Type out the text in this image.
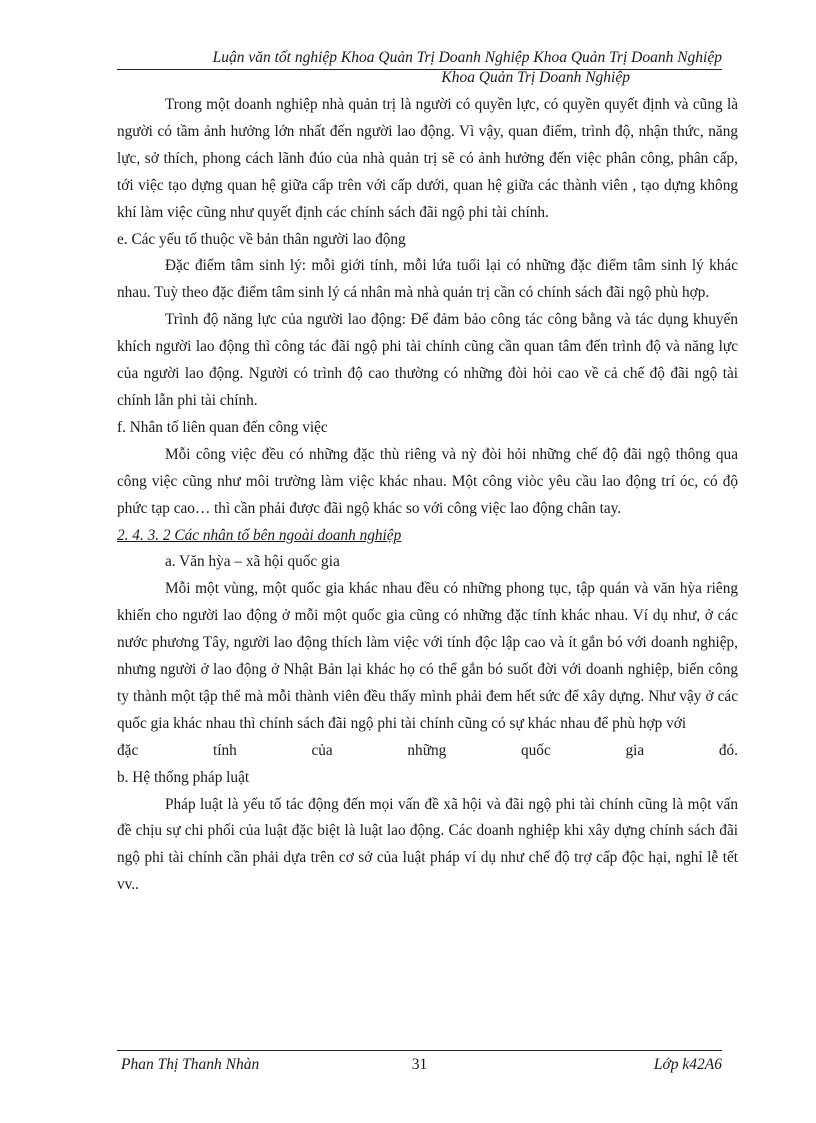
Luận văn tốt nghiệp Khoa Quản Trị Doanh Nghiệp Khoa Quản Trị Doanh Nghiệp
Khoa Quản Trị Doanh Nghiệp

Trong một doanh nghiệp nhà quản trị là người có quyền lực, có quyền quyết định và cũng là người có tầm ảnh hưởng lớn nhất đến người lao động. Vì vậy, quan điểm, trình độ, nhận thức, năng lực, sở thích, phong cách lãnh đúo của nhà quản trị sẽ có ảnh hưởng đến việc phân công, phân cấp, tới việc tạo dựng quan hệ giữa cấp trên với cấp dưới, quan hệ giữa các thành viên , tạo dựng không khí làm việc cũng như quyết định các chính sách đãi ngộ phi tài chính.

e. Các yếu tố thuộc về bản thân người lao động

Đặc điểm tâm sinh lý: mỗi giới tính, mỗi lứa tuổi lại có những đặc điểm tâm sinh lý khác nhau. Tuỳ theo đặc điểm tâm sinh lý cá nhân mà nhà quản trị cần có chính sách đãi ngộ phù hợp.

Trình độ năng lực của người lao động: Để đảm bảo công tác công bằng và tác dụng khuyến khích người lao động thì công tác đãi ngộ phi tài chính cũng cần quan tâm đến trình độ và năng lực của người lao động. Người có trình độ cao thường có những đòi hỏi cao về cả chế độ đãi ngộ tài chính lẫn phi tài chính.

f. Nhân tố liên quan đến công việc

Mỗi công việc đều có những đặc thù riêng và nỳ đòi hỏi những chế độ đãi ngộ thông qua công việc cũng như môi trường làm việc khác nhau. Một công viòc yêu cầu lao động trí óc, có độ phức tạp cao… thì cần phải được đãi ngộ khác so với công việc lao động chân tay.

2. 4. 3. 2 Các nhân tố bên ngoài doanh nghiệp

a. Văn hỳa – xã hội quốc gia

Mỗi một vùng, một quốc gia khác nhau đều có những phong tục, tập quán và văn hỳa riêng khiến cho người lao động ở mỗi một quốc gia cũng có những đặc tính khác nhau. Ví dụ như, ở các nước phương Tây, người lao động thích làm việc với tính độc lập cao và ít gắn bó với doanh nghiệp, nhưng người ở lao động ở Nhật Bản lại khác họ có thể gắn bó suốt đời với doanh nghiệp, biến công ty thành một tập thể mà mỗi thành viên đều thấy mình phải đem hết sức để xây dựng. Như vậy ở các quốc gia khác nhau thì chính sách đãi ngộ phi tài chính cũng có sự khác nhau để phù hợp với

đặc tính của những quốc gia đó.

b. Hệ thống pháp luật

Pháp luật là yếu tố tác động đến mọi vấn đề xã hội và đãi ngộ phi tài chính cũng là một vấn đề chịu sự chi phối của luật đặc biệt là luật lao động. Các doanh nghiệp khi xây dựng chính sách đãi ngộ phi tài chính cần phải dựa trên cơ sở của luật pháp ví dụ như chế độ trợ cấp độc hại, nghỉ lễ tết vv..

Phan Thị Thanh Nhàn	31	Lớp k42A6
